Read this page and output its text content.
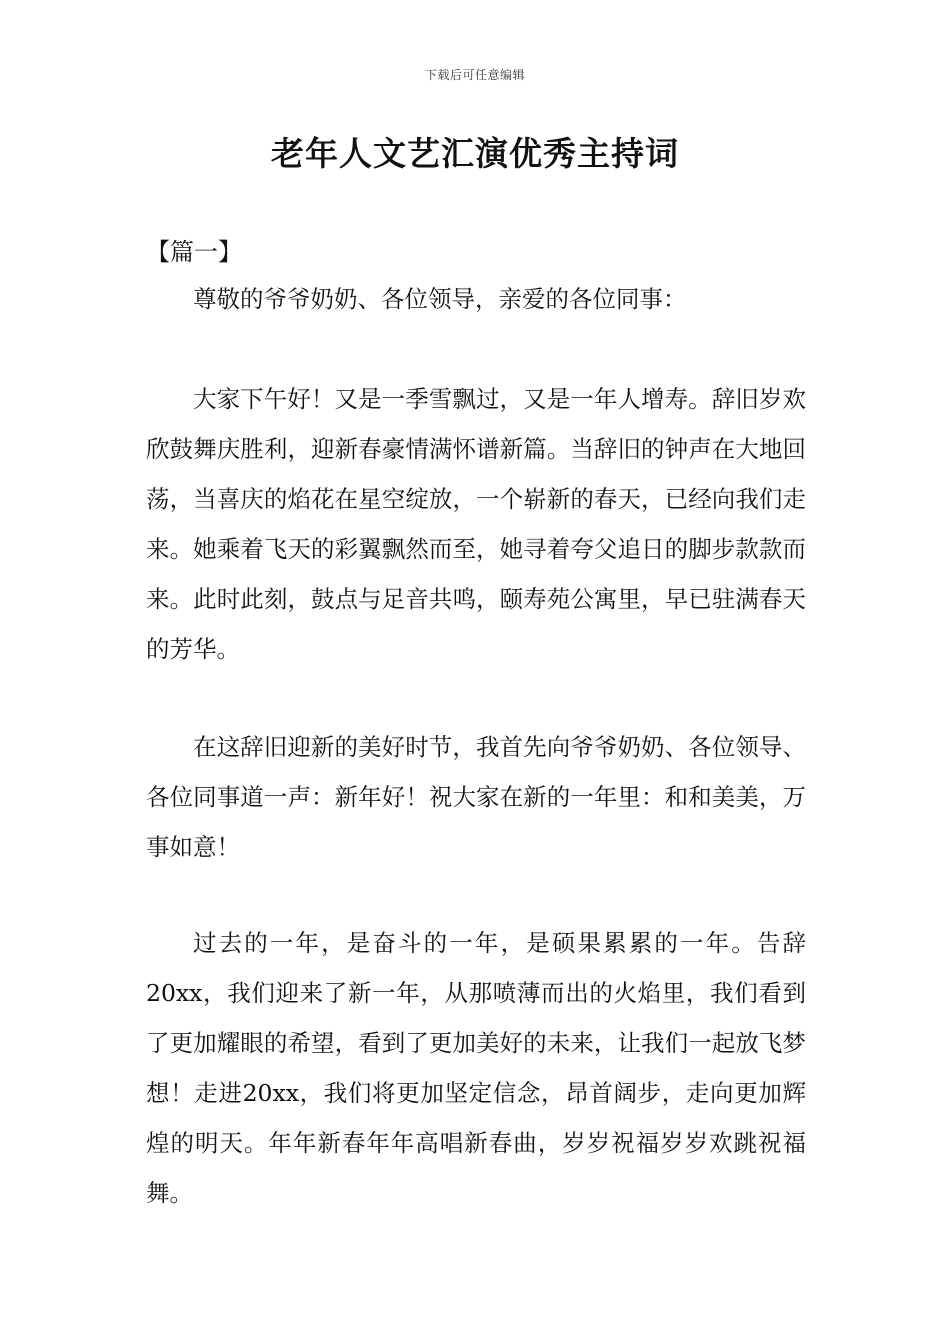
下载后可任意编辑
老年人文艺汇演优秀主持词
【篇一】

尊敬的爷爷奶奶、各位领导，亲爱的各位同事：

大家下午好！又是一季雪飘过，又是一年人增寿。辞旧岁欢欣鼓舞庆胜利，迎新春豪情满怀谱新篇。当辞旧的钟声在大地回荡，当喜庆的焰花在星空绽放，一个崭新的春天，已经向我们走来。她乘着飞天的彩翼飘然而至，她寻着夸父追日的脚步款款而来。此时此刻，鼓点与足音共鸣，颐寿苑公寓里，早已驻满春天的芳华。

在这辞旧迎新的美好时节，我首先向爷爷奶奶、各位领导、各位同事道一声：新年好！祝大家在新的一年里：和和美美，万事如意！

过去的一年，是奋斗的一年，是硕果累累的一年。告辞20xx，我们迎来了新一年，从那喷薄而出的火焰里，我们看到了更加耀眼的希望，看到了更加美好的未来，让我们一起放飞梦想！走进20xx，我们将更加坚定信念，昂首阔步，走向更加辉煌的明天。年年新春年年高唱新春曲，岁岁祝福岁岁欢跳祝福舞。
